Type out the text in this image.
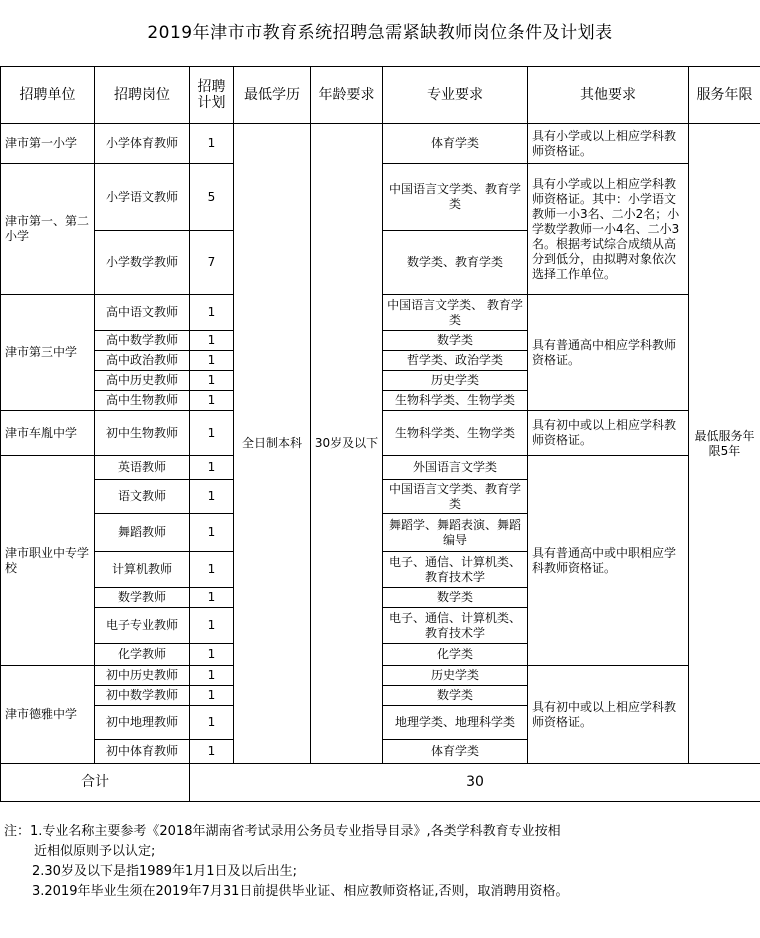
2019年津市市教育系统招聘急需紧缺教师岗位条件及计划表
招聘单位	招聘岗位	招聘计划	最低学历	年龄要求	专业要求	其他要求	服务年限
津市第一小学	小学体育教师	1	全日制本科	30岁及以下	体育学类	具有小学或以上相应学科教师资格证。	最低服务年限5年
津市第一、第二小学	小学语文教师	5			中国语言文学类、教育学类	具有小学或以上相应学科教师资格证。其中：小学语文教师一小3名、二小2名；小学数学教师一小4名、二小3名。根据考试综合成绩从高分到低分，由拟聘对象依次选择工作单位。	
	小学数学教师	7			数学类、教育学类		
津市第三中学	高中语文教师	1			中国语言文学类、 教育学类	具有普通高中相应学科教师资格证。	
	高中数学教师	1			数学类		
	高中政治教师	1			哲学类、政治学类		
	高中历史教师	1			历史学类		
	高中生物教师	1			生物科学类、生物学类		
津市车胤中学	初中生物教师	1			生物科学类、生物学类	具有初中或以上相应学科教师资格证。	
津市职业中专学校	英语教师	1			外国语言文学类	具有普通高中或中职相应学科教师资格证。	
	语文教师	1			中国语言文学类、教育学类		
	舞蹈教师	1			舞蹈学、舞蹈表演、舞蹈编导		
	计算机教师	1			电子、通信、计算机类、教育技术学		
	数学教师	1			数学类		
	电子专业教师	1			电子、通信、计算机类、教育技术学		
	化学教师	1			化学类		
津市德雅中学	初中历史教师	1			历史学类	具有初中或以上相应学科教师资格证。	
	初中数学教师	1			数学类		
	初中地理教师	1			地理学类、地理科学类		
	初中体育教师	1			体育学类		
合计		30					
注：1.专业名称主要参考《2018年湖南省考试录用公务员专业指导目录》,各类学科教育专业按相
近相似原则予以认定;
2.30岁及以下是指1989年1月1日及以后出生;
3.2019年毕业生须在2019年7月31日前提供毕业证、相应教师资格证,否则，取消聘用资格。
